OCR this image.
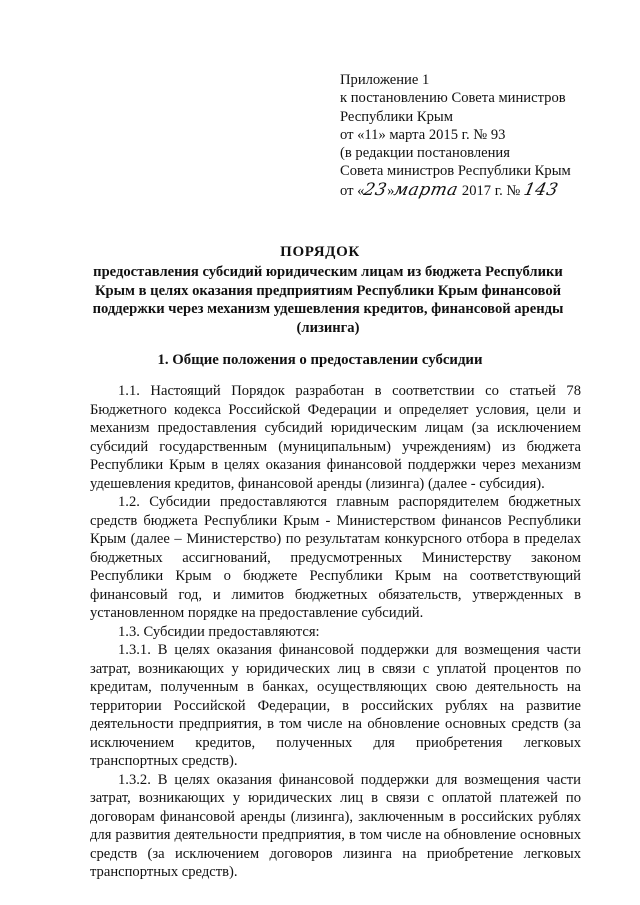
Приложение 1
к постановлению Совета министров
Республики Крым
от «11» марта 2015 г. № 93
(в редакции постановления
Совета министров Республики Крым
от «23»марта 2017 г. № 143
ПОРЯДОК
предоставления субсидий юридическим лицам из бюджета Республики Крым в целях оказания предприятиям Республики Крым финансовой поддержки через механизм удешевления кредитов, финансовой аренды (лизинга)
1. Общие положения о предоставлении субсидии

1.1. Настоящий Порядок разработан в соответствии со статьей 78 Бюджетного кодекса Российской Федерации и определяет условия, цели и механизм предоставления субсидий юридическим лицам (за исключением субсидий государственным (муниципальным) учреждениям) из бюджета Республики Крым в целях оказания финансовой поддержки через механизм удешевления кредитов, финансовой аренды (лизинга) (далее - субсидия).

1.2. Субсидии предоставляются главным распорядителем бюджетных средств бюджета Республики Крым - Министерством финансов Республики Крым (далее – Министерство) по результатам конкурсного отбора в пределах бюджетных ассигнований, предусмотренных Министерству законом Республики Крым о бюджете Республики Крым на соответствующий финансовый год, и лимитов бюджетных обязательств, утвержденных в установленном порядке на предоставление субсидий.

1.3. Субсидии предоставляются:

1.3.1. В целях оказания финансовой поддержки для возмещения части затрат, возникающих у юридических лиц в связи с уплатой процентов по кредитам, полученным в банках, осуществляющих свою деятельность на территории Российской Федерации, в российских рублях на развитие деятельности предприятия, в том числе на обновление основных средств (за исключением кредитов, полученных для приобретения легковых транспортных средств).

1.3.2. В целях оказания финансовой поддержки для возмещения части затрат, возникающих у юридических лиц в связи с оплатой платежей по договорам финансовой аренды (лизинга), заключенным в российских рублях для развития деятельности предприятия, в том числе на обновление основных средств (за исключением договоров лизинга на приобретение легковых транспортных средств).
